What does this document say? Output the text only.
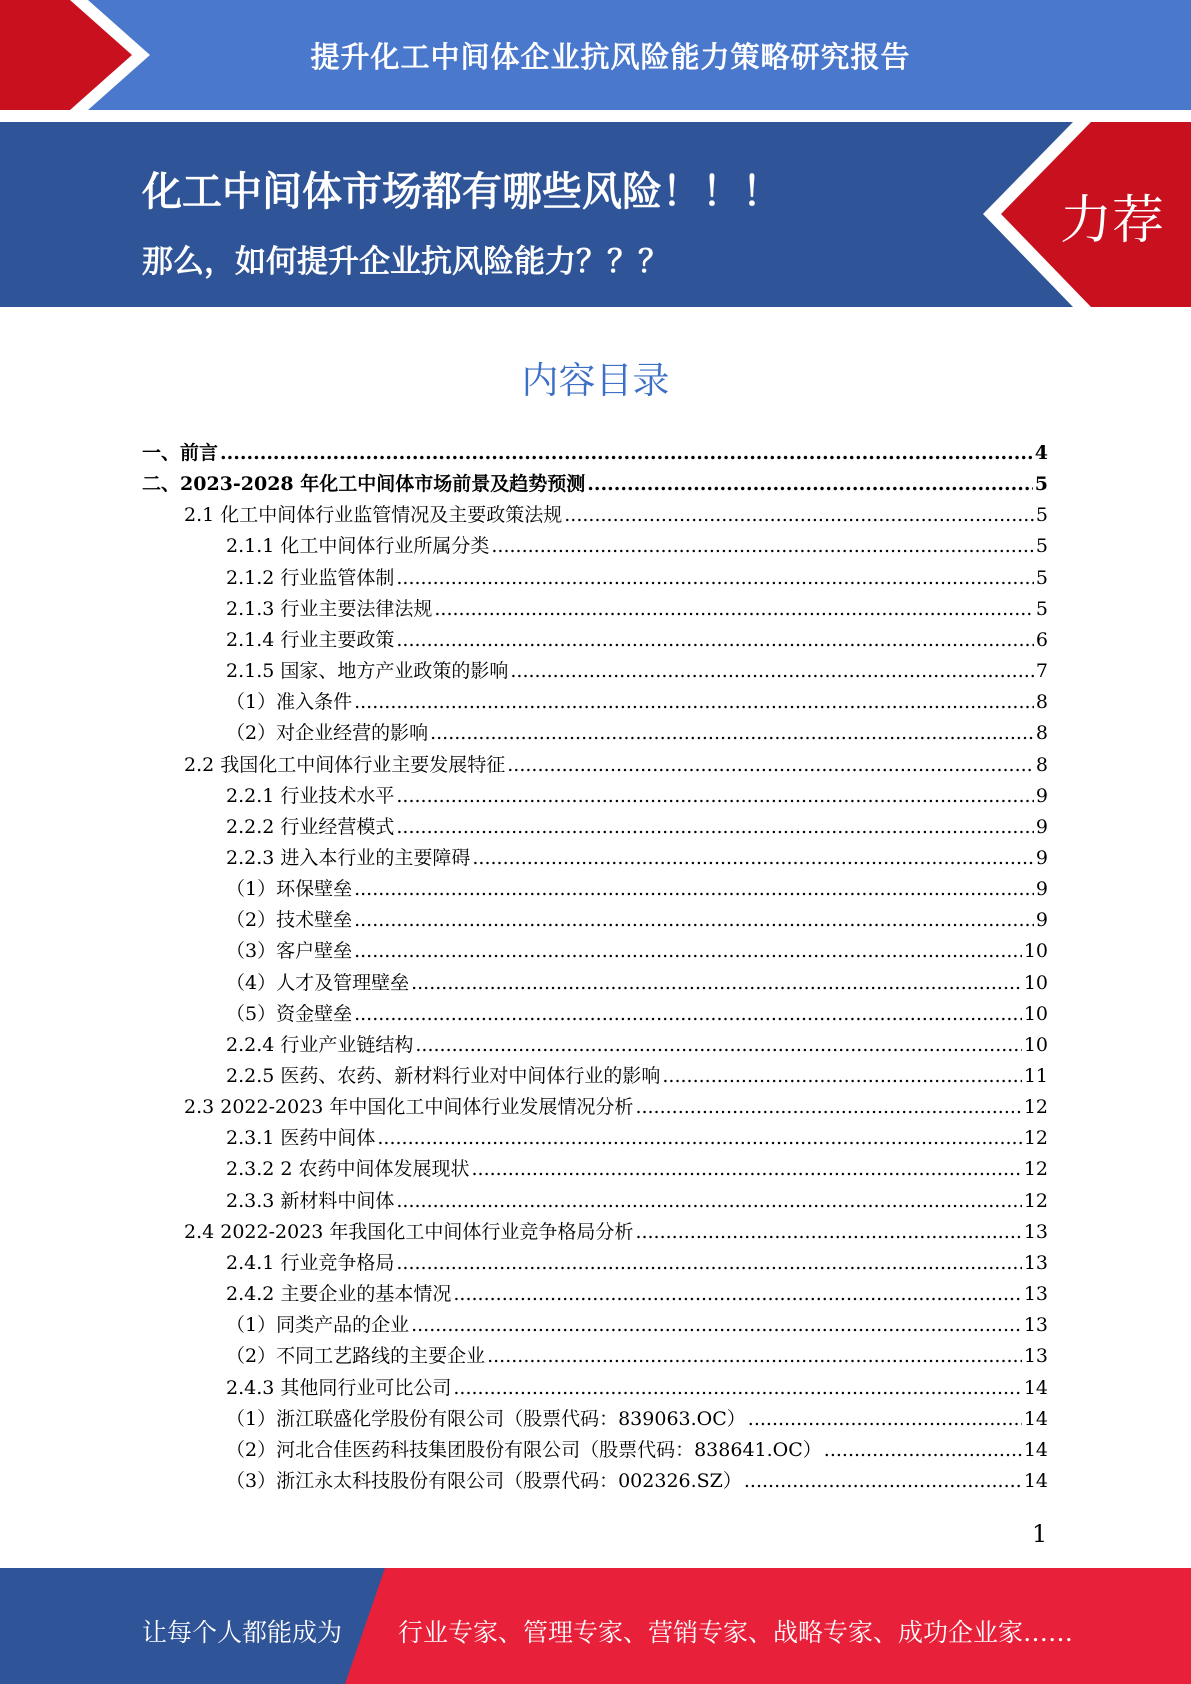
提升化工中间体企业抗风险能力策略研究报告
化工中间体市场都有哪些风险！！！
那么，如何提升企业抗风险能力？？？
力荐
内容目录
一、前言 .....	4
二、2023-2028 年化工中间体市场前景及趋势预测 .....	5
2.1 化工中间体行业监管情况及主要政策法规 .....	5
2.1.1 化工中间体行业所属分类 .....	5
2.1.2 行业监管体制 .....	5
2.1.3 行业主要法律法规 .....	5
2.1.4 行业主要政策 .....	6
2.1.5 国家、地方产业政策的影响 .....	7
（1）准入条件 .....	8
（2）对企业经营的影响 .....	8
2.2 我国化工中间体行业主要发展特征 .....	8
2.2.1 行业技术水平 .....	9
2.2.2 行业经营模式 .....	9
2.2.3 进入本行业的主要障碍 .....	9
（1）环保壁垒 .....	9
（2）技术壁垒 .....	9
（3）客户壁垒 .....	10
（4）人才及管理壁垒 .....	10
（5）资金壁垒 .....	10
2.2.4 行业产业链结构 .....	10
2.2.5 医药、农药、新材料行业对中间体行业的影响 .....	11
2.3 2022-2023 年中国化工中间体行业发展情况分析 .....	12
2.3.1 医药中间体 .....	12
2.3.2 2 农药中间体发展现状 .....	12
2.3.3 新材料中间体 .....	12
2.4 2022-2023 年我国化工中间体行业竞争格局分析 .....	13
2.4.1 行业竞争格局 .....	13
2.4.2 主要企业的基本情况 .....	13
（1）同类产品的企业 .....	13
（2）不同工艺路线的主要企业 .....	13
2.4.3 其他同行业可比公司 .....	14
（1）浙江联盛化学股份有限公司（股票代码：839063.OC） .....	14
（2）河北合佳医药科技集团股份有限公司（股票代码：838641.OC） .....	14
（3）浙江永太科技股份有限公司（股票代码：002326.SZ） .....	14
1
让每个人都能成为 行业专家、管理专家、营销专家、战略专家、成功企业家……
